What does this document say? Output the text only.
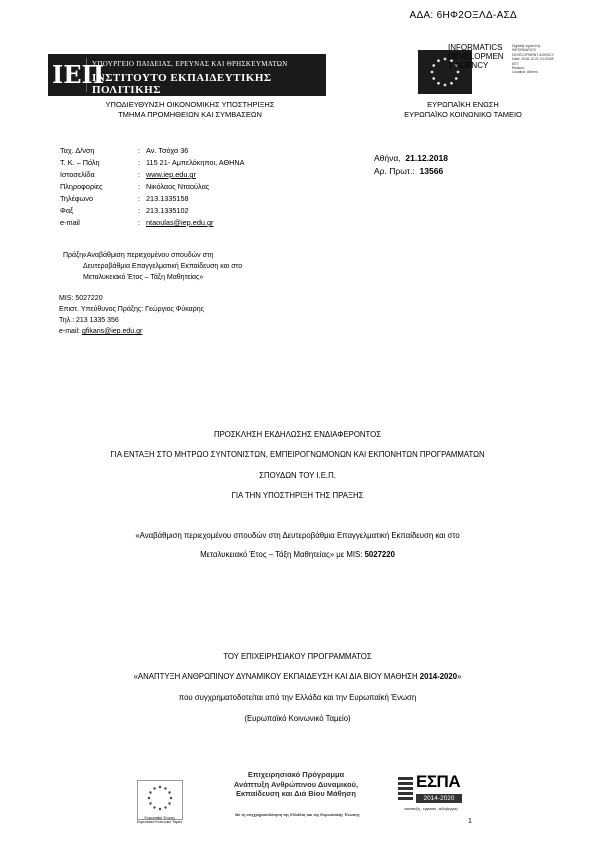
ΑΔΑ: 6ΗΦ2ΟΞΛΔ-ΑΣΔ
ΙΕΠ
ΥΠΟΥΡΓΕΙΟ ΠΑΙΔΕΙΑΣ, ΕΡΕΥΝΑΣ ΚΑΙ ΘΡΗΣΚΕΥΜΑΤΩΝ
ΙΝΣΤΙΤΟΥΤΟ ΕΚΠΑΙΔΕΥΤΙΚΗΣ ΠΟΛΙΤΙΚΗΣ
INFORMATICS
DEVELOPMEN
T AGENCY
Digitally signed by
INFORMATICS
DEVELOPMENT AGENCY
Date: 2018.12.21 10:29:58
EET
Reason:
Location: Athens
ΥΠΟΔΙΕΥΘΥΝΣΗ ΟΙΚΟΝΟΜΙΚΗΣ ΥΠΟΣΤΗΡΙΞΗΣ
ΤΜΗΜΑ ΠΡΟΜΗΘΕΙΩΝ ΚΑΙ ΣΥΜΒΑΣΕΩΝ
ΕΥΡΩΠΑΪΚΗ ΕΝΩΣΗ
ΕΥΡΩΠΑΪΚΟ ΚΟΙΝΩΝΙΚΟ ΤΑΜΕΙΟ
Ταχ. Δ/νση	: Αν. Τσόχα 36
Τ. Κ. – Πόλη	: 115 21- Αμπελόκηποι, ΑΘΗΝΑ
Ιστοσελίδα	: www.iep.edu.gr
Πληροφορίες	: Νικόλαος Νταούλας
Τηλέφωνο	: 213.1335158
Φαξ	: 213.1335102
e-mail	: ntaoulas@iep.edu.gr
Αθήνα, 21.12.2018
Αρ. Πρωτ.: 13566
Πράξη:
«Αναβάθμιση περιεχομένου σπουδών στη
Δευτεροβάθμια Επαγγελματική Εκπαίδευση και στο
Μεταλυκειακό Έτος – Τάξη Μαθητείας»
MIS: 5027220
Επιστ. Υπεύθυνος Πράξης: Γεώργιος Φύκαρης
Τηλ.: 213 1335 356
e-mail: gfikaris@iep.edu.gr
ΠΡΟΣΚΛΗΣΗ ΕΚΔΗΛΩΣΗΣ ΕΝΔΙΑΦΕΡΟΝΤΟΣ
ΓΙΑ ΕΝΤΑΞΗ ΣΤΟ ΜΗΤΡΩΟ ΣΥΝΤΟΝΙΣΤΩΝ, ΕΜΠΕΙΡΟΓΝΩΜΟΝΩΝ ΚΑΙ ΕΚΠΟΝΗΤΩΝ ΠΡΟΓΡΑΜΜΑΤΩΝ
ΣΠΟΥΔΩΝ ΤΟΥ Ι.Ε.Π.
ΓΙΑ ΤΗΝ ΥΠΟΣΤΗΡΙΞΗ ΤΗΣ ΠΡΑΞΗΣ
«Αναβάθμιση περιεχομένου σπουδών στη Δευτεροβάθμια Επαγγελματική Εκπαίδευση και στο
Μεταλυκειακό Έτος – Τάξη Μαθητείας» με MIS: 5027220
ΤΟΥ ΕΠΙΧΕΙΡΗΣΙΑΚΟΥ ΠΡΟΓΡΑΜΜΑΤΟΣ
«ΑΝΑΠΤΥΞΗ ΑΝΘΡΩΠΙΝΟΥ ΔΥΝΑΜΙΚΟΥ ΕΚΠΑΙΔΕΥΣΗ ΚΑΙ ΔΙΑ ΒΙΟΥ ΜΑΘΗΣΗ 2014-2020»
που συγχρηματοδοτείται από την Ελλάδα και την Ευρωπαϊκή Ένωση
(Ευρωπαϊκό Κοινωνικό Ταμείο)
Ευρωπαϊκή Ένωση
Ευρωπαϊκό Κοινωνικό Ταμείο
Επιχειρησιακό Πρόγραμμα
Ανάπτυξη Ανθρώπινου Δυναμικού,
Εκπαίδευση και Διά Βίου Μάθηση
Με τη συγχρηματοδότηση της Ελλάδας και της Ευρωπαϊκής Ένωσης
ΕΣΠΑ
2014-2020
ανάπτυξη - εργασία - αλληλεγγύη
1
